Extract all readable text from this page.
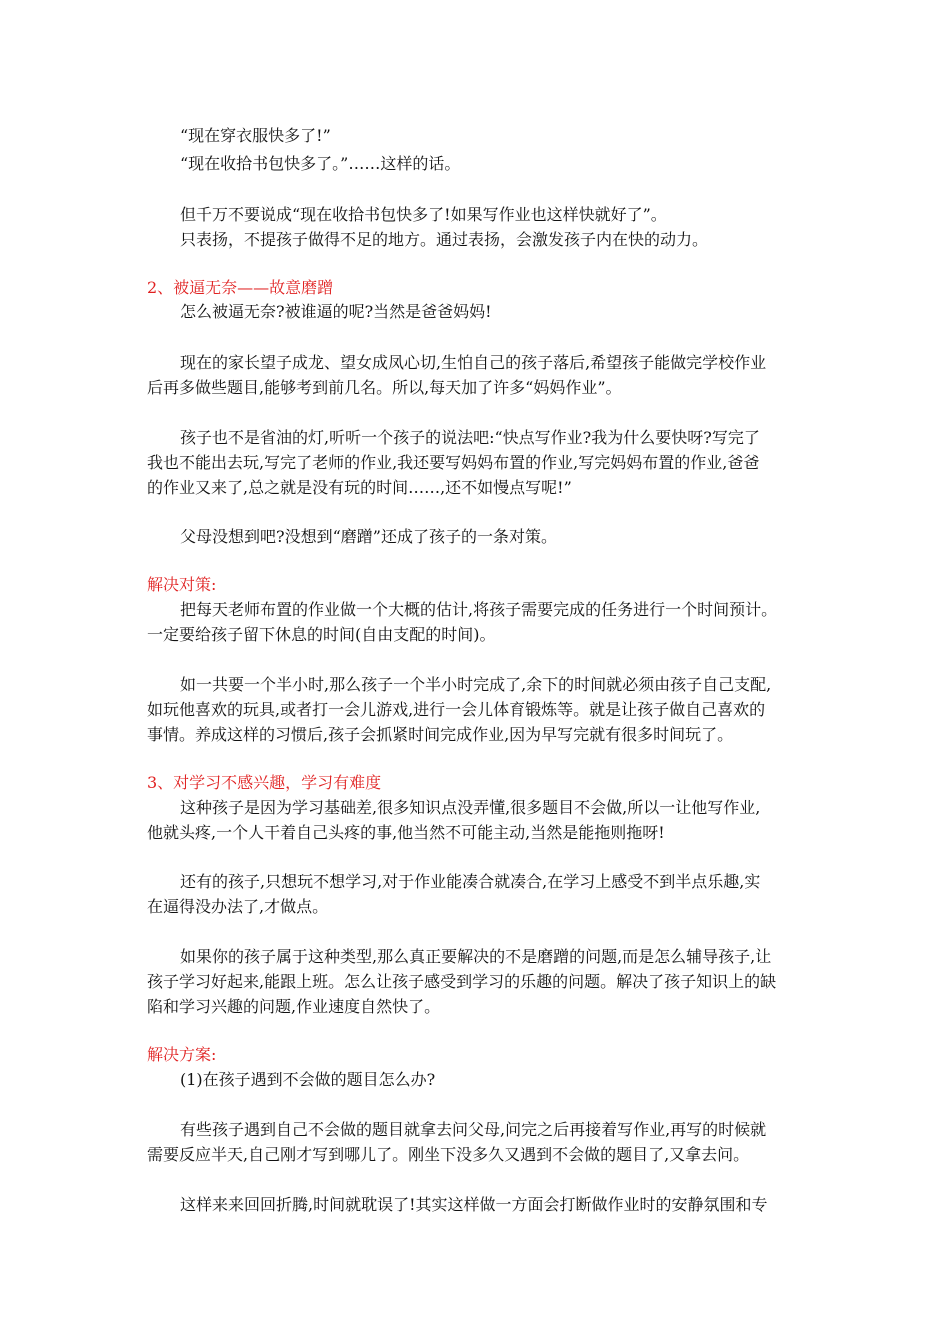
“现在穿衣服快多了!”
“现在收拾书包快多了。”……这样的话。
但千万不要说成“现在收拾书包快多了!如果写作业也这样快就好了”。
只表扬，不提孩子做得不足的地方。通过表扬，会激发孩子内在快的动力。
2、被逼无奈——故意磨蹭
怎么被逼无奈?被谁逼的呢?当然是爸爸妈妈!
现在的家长望子成龙、望女成凤心切,生怕自己的孩子落后,希望孩子能做完学校作业
后再多做些题目,能够考到前几名。所以,每天加了许多“妈妈作业”。
孩子也不是省油的灯,听听一个孩子的说法吧:“快点写作业?我为什么要快呀?写完了
我也不能出去玩,写完了老师的作业,我还要写妈妈布置的作业,写完妈妈布置的作业,爸爸
的作业又来了,总之就是没有玩的时间……,还不如慢点写呢!”
父母没想到吧?没想到“磨蹭”还成了孩子的一条对策。
解决对策:
把每天老师布置的作业做一个大概的估计,将孩子需要完成的任务进行一个时间预计。
一定要给孩子留下休息的时间(自由支配的时间)。
如一共要一个半小时,那么孩子一个半小时完成了,余下的时间就必须由孩子自己支配,
如玩他喜欢的玩具,或者打一会儿游戏,进行一会儿体育锻炼等。就是让孩子做自己喜欢的
事情。养成这样的习惯后,孩子会抓紧时间完成作业,因为早写完就有很多时间玩了。
3、对学习不感兴趣，学习有难度
这种孩子是因为学习基础差,很多知识点没弄懂,很多题目不会做,所以一让他写作业,
他就头疼,一个人干着自己头疼的事,他当然不可能主动,当然是能拖则拖呀!
还有的孩子,只想玩不想学习,对于作业能凑合就凑合,在学习上感受不到半点乐趣,实
在逼得没办法了,才做点。
如果你的孩子属于这种类型,那么真正要解决的不是磨蹭的问题,而是怎么辅导孩子,让
孩子学习好起来,能跟上班。怎么让孩子感受到学习的乐趣的问题。解决了孩子知识上的缺
陷和学习兴趣的问题,作业速度自然快了。
解决方案:
(1)在孩子遇到不会做的题目怎么办?
有些孩子遇到自己不会做的题目就拿去问父母,问完之后再接着写作业,再写的时候就
需要反应半天,自己刚才写到哪儿了。刚坐下没多久又遇到不会做的题目了,又拿去问。
这样来来回回折腾,时间就耽误了!其实这样做一方面会打断做作业时的安静氛围和专
